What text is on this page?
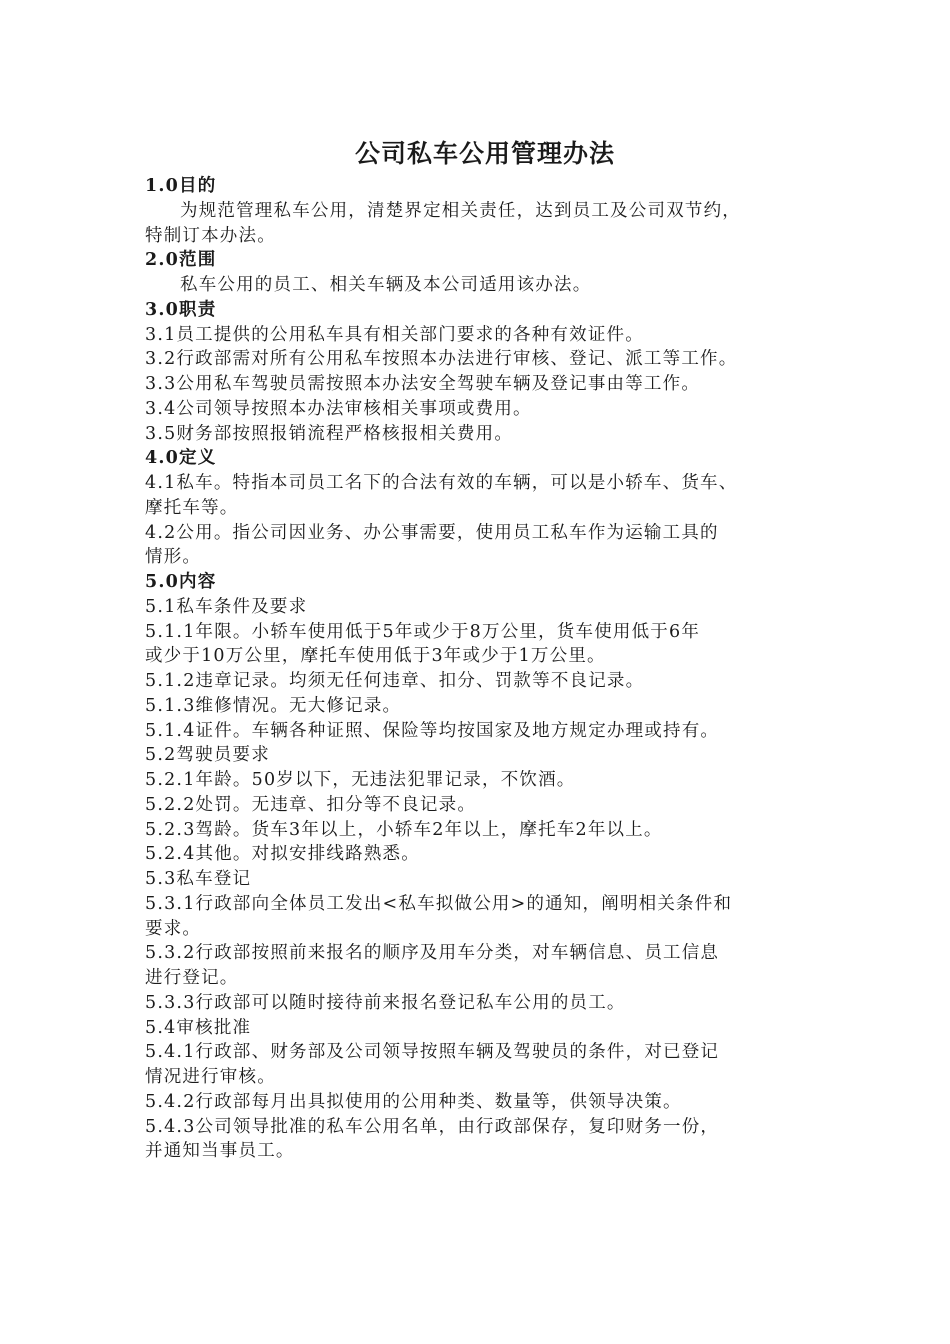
公司私车公用管理办法
1.0目的
为规范管理私车公用，清楚界定相关责任，达到员工及公司双节约，
特制订本办法。
2.0范围
私车公用的员工、相关车辆及本公司适用该办法。
3.0职责
3.1员工提供的公用私车具有相关部门要求的各种有效证件。
3.2行政部需对所有公用私车按照本办法进行审核、登记、派工等工作。
3.3公用私车驾驶员需按照本办法安全驾驶车辆及登记事由等工作。
3.4公司领导按照本办法审核相关事项或费用。
3.5财务部按照报销流程严格核报相关费用。
4.0定义
4.1私车。特指本司员工名下的合法有效的车辆，可以是小轿车、货车、
摩托车等。
4.2公用。指公司因业务、办公事需要，使用员工私车作为运输工具的
情形。
5.0内容
5.1私车条件及要求
5.1.1年限。小轿车使用低于5年或少于8万公里，货车使用低于6年
或少于10万公里，摩托车使用低于3年或少于1万公里。
5.1.2违章记录。均须无任何违章、扣分、罚款等不良记录。
5.1.3维修情况。无大修记录。
5.1.4证件。车辆各种证照、保险等均按国家及地方规定办理或持有。
5.2驾驶员要求
5.2.1年龄。50岁以下，无违法犯罪记录，不饮酒。
5.2.2处罚。无违章、扣分等不良记录。
5.2.3驾龄。货车3年以上，小轿车2年以上，摩托车2年以上。
5.2.4其他。对拟安排线路熟悉。
5.3私车登记
5.3.1行政部向全体员工发出<私车拟做公用>的通知，阐明相关条件和
要求。
5.3.2行政部按照前来报名的顺序及用车分类，对车辆信息、员工信息
进行登记。
5.3.3行政部可以随时接待前来报名登记私车公用的员工。
5.4审核批准
5.4.1行政部、财务部及公司领导按照车辆及驾驶员的条件，对已登记
情况进行审核。
5.4.2行政部每月出具拟使用的公用种类、数量等，供领导决策。
5.4.3公司领导批准的私车公用名单，由行政部保存，复印财务一份，
并通知当事员工。
